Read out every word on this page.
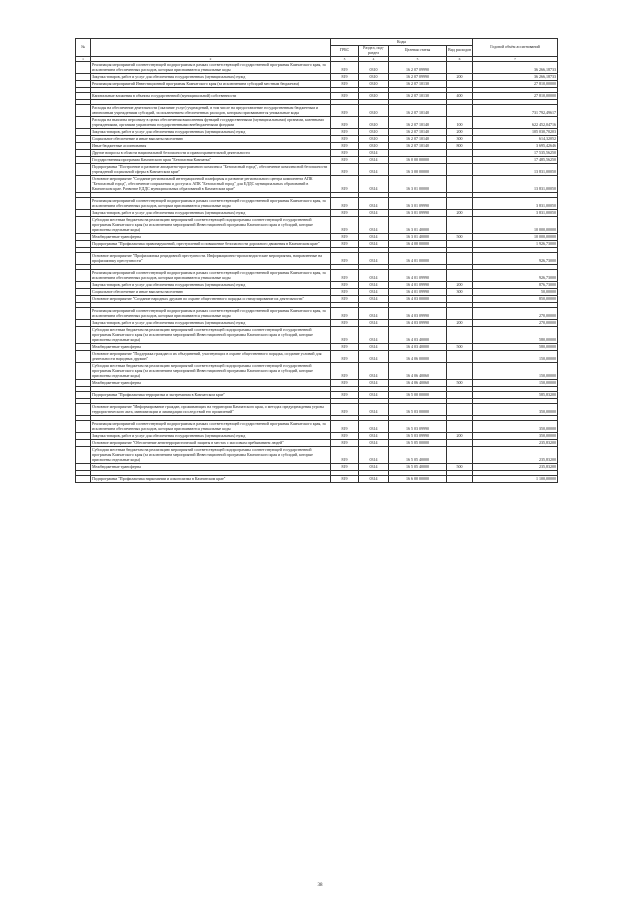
№		Коды				Годовой объём ассигнований
		ГРБС	Раздел, под-раздел	Целевая статья	Вид расходов	
1	2	3	4	5	6	7
	Реализация мероприятий соответствующей подпрограммы в рамках соответствующей государственной программы Камчатского края, за исключением обеспеченных расходов, которым присваиваются уникальные коды	819	0310	16 2 07 09990		36 266,18733
	Закупка товаров, работ и услуг для обеспечения государственных (муниципальных) нужд	819	0310	16 2 07 09990	200	36 266,18733
	Реализация мероприятий Инвестиционной программы Камчатского края (за исключением субсидий местным бюджетам)	819	0310	16 2 07 10130		27 810,00000

	Капитальные вложения в объекты государственной (муниципальной) собственности	819	0310	16 2 07 10130	400	27 810,00000

	Расходы на обеспечение деятельности (оказание услуг) учреждений, в том числе на предоставление государственным бюджетным и автономным учреждениям субсидий, за исключением обеспеченных расходов, которым присваиваются уникальные коды	819	0310	16 2 07 10140		731 792,49617
	Расходы на выплаты персоналу в целях обеспечения выполнения функций государственными (муниципальными) органами, казенными учреждениями, органами управления государственными внебюджетными фондами	819	0310	16 2 07 10140	100	622 452,04716
	Закупка товаров, работ и услуг для обеспечения государственных (муниципальных) нужд	819	0310	16 2 07 10140	200	105 030,70203
	Социальное обеспечение и иные выплаты населению	819	0310	16 2 07 10140	300	614,32052
	Иные бюджетные ассигнования	819	0310	16 2 07 10140	800	3 695,42646
	Другие вопросы в области национальной безопасности и правоохранительной деятельности	819	0314			17 535,56250
	Государственная программа Камчатского края "Безопасная Камчатка"	819	0314	16 0 00 00000		17 485,56250
	Подпрограмма "Построение и развитие аппаратно-программного комплекса "Безопасный город", обеспечение комплексной безопасности учреждений социальной сферы в Камчатском крае"	819	0314	16 3 00 00000		13 831,00050
	Основное мероприятие "Создание региональной интеграционной платформы и развитие регионального центра компонента АПК "Безопасный город", обеспечение сопряжения и доступа к АПК "Безопасный город" для ЕДДС муниципальных образований в Камчатском крае. Развитие ЕДДС муниципальных образований в Камчатском крае"	819	0314	16 3 01 00000		13 831,00050

	Реализация мероприятий соответствующей подпрограммы в рамках соответствующей государственной программы Камчатского края, за исключением обеспеченных расходов, которым присваиваются уникальные коды	819	0314	16 3 01 09990		3 831,00050
	Закупка товаров, работ и услуг для обеспечения государственных (муниципальных) нужд	819	0314	16 3 01 09990	200	3 831,00050
	Субсидии местным бюджетам на реализацию мероприятий соответствующей подпрограммы соответствующей государственной программы Камчатского края (за исключением мероприятий Инвестиционной программы Камчатского края и субсидий, которые присвоены отдельные коды)	819	0314	16 3 01 40000		10 000,00000
	Межбюджетные трансферты	819	0314	16 3 01 40000	500	10 000,00000
	Подпрограмма "Профилактика правонарушений, преступлений и повышение безопасности дорожного движения в Камчатском крае"	819	0314	16 4 00 00000		1 926,73000

	Основное мероприятие "Профилактика рецидивной преступности. Информационно-пропагандистские мероприятия, направленные на профилактику преступности"	819	0314	16 4 01 00000		926,73000

	Реализация мероприятий соответствующей подпрограммы в рамках соответствующей государственной программы Камчатского края, за исключением обеспеченных расходов, которым присваиваются уникальные коды	819	0314	16 4 01 09990		926,73000
	Закупка товаров, работ и услуг для обеспечения государственных (муниципальных) нужд	819	0314	16 4 01 09990	200	876,73000
	Социальное обеспечение и иные выплаты населению	819	0314	16 4 01 09990	300	50,00000
	Основное мероприятие "Создание народных дружин по охране общественного порядка и стимулирование их деятельности"	819	0314	16 4 03 00000		850,00000

	Реализация мероприятий соответствующей подпрограммы в рамках соответствующей государственной программы Камчатского края, за исключением обеспеченных расходов, которым присваиваются уникальные коды	819	0314	16 4 03 09990		270,00000
	Закупка товаров, работ и услуг для обеспечения государственных (муниципальных) нужд	819	0314	16 4 03 09990	200	270,00000
	Субсидии местным бюджетам на реализацию мероприятий соответствующей подпрограммы соответствующей государственной программы Камчатского края (за исключением мероприятий Инвестиционной программы Камчатского края и субсидий, которые присвоены отдельные коды)	819	0314	16 4 03 40000		580,00000
	Межбюджетные трансферты	819	0314	16 4 03 40000	500	580,00000
	Основное мероприятие "Поддержка граждан и их объединений, участвующих в охране общественного порядка, создание условий для деятельности народных дружин"	819	0314	16 4 06 00000		150,00000
	Субсидии местным бюджетам на реализацию мероприятий соответствующей подпрограммы соответствующей государственной программы Камчатского края (за исключением мероприятий Инвестиционной программы Камчатского края и субсидий, которые присвоены отдельные коды)	819	0314	16 4 06 40060		150,00000
	Межбюджетные трансферты	819	0314	16 4 06 40060	500	150,00000

	Подпрограмма "Профилактика терроризма и экстремизма в Камчатском крае"	819	0314	16 5 00 00000		585,83200

	Основное мероприятие "Информирование граждан, проживающих на территории Камчатского края, о методах предупреждения угрозы террористического акта, минимизации и ликвидации последствий его проявлений"	819	0314	16 5 03 00000		350,00000

	Реализация мероприятий соответствующей подпрограммы в рамках соответствующей государственной программы Камчатского края, за исключением обеспеченных расходов, которым присваиваются уникальные коды	819	0314	16 5 03 09990		350,00000
	Закупка товаров, работ и услуг для обеспечения государственных (муниципальных) нужд	819	0314	16 5 03 09990	200	350,00000
	Основное мероприятие "Обеспечение антитеррористической защиты в местах с массовым пребыванием людей"	819	0314	16 5 05 00000		235,83200
	Субсидии местным бюджетам на реализацию мероприятий соответствующей подпрограммы соответствующей государственной программы Камчатского края (за исключением мероприятий Инвестиционной программы Камчатского края и субсидий, которые присвоены отдельные коды)	819	0314	16 5 05 40000		235,83200
	Межбюджетные трансферты	819	0314	16 5 05 40000	500	235,83200

	Подпрограмма "Профилактика наркомании и алкоголизма в Камчатском крае"	819	0314	16 6 00 00000		1 100,00000
38
